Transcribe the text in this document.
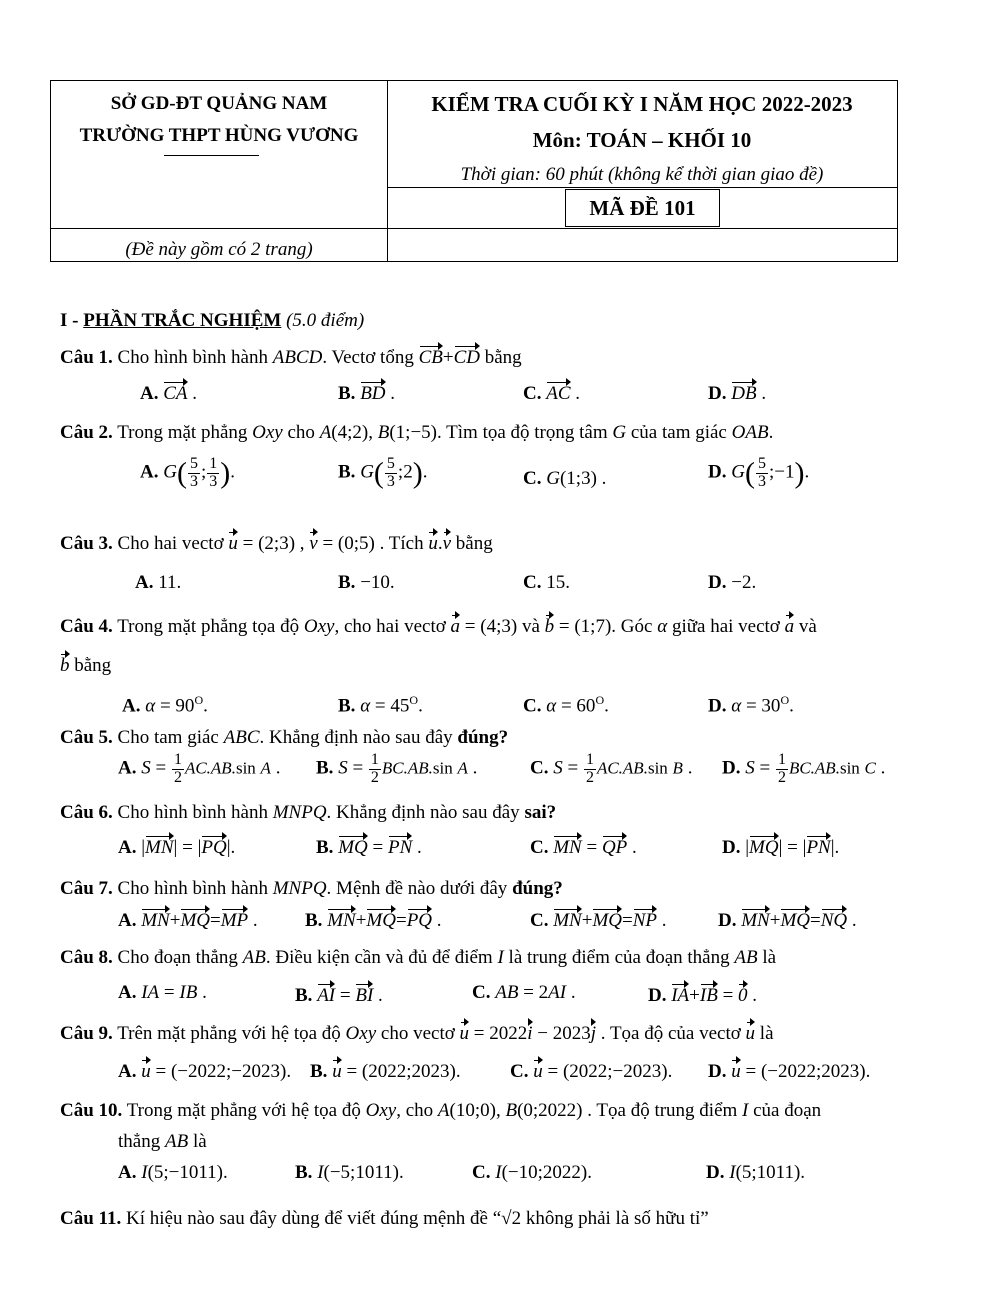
SỞ GD-ĐT QUẢNG NAM
TRƯỜNG THPT HÙNG VƯƠNG
KIỂM TRA CUỐI KỲ I NĂM HỌC 2022-2023
Môn: TOÁN – KHỐI 10
Thời gian: 60 phút (không kể thời gian giao đề)
MÃ ĐỀ 101
(Đề này gồm có 2 trang)
I - PHẦN TRẮC NGHIỆM (5.0 điểm)
Câu 1. Cho hình bình hành ABCD. Vectơ tổng CB+CD bằng
A. CA .	B. BD .	C. AC .	D. DB .
Câu 2. Trong mặt phẳng Oxy cho A(4;2), B(1;−5). Tìm tọa độ trọng tâm G của tam giác OAB.
A. $G( \frac{5}{3}$ ; $\frac{1}{3}$ ).	B. $G( \frac{5}{3}$ ;2).	C. G(1;3) .	D. $G( \frac{5}{3}$ ;−1).
Câu 3. Cho hai vectơ u = (2;3) , v = (0;5) . Tích u.v bằng
A. 11.	B. −10.	C. 15.	D. −2.
Câu 4. Trong mặt phẳng tọa độ Oxy, cho hai vectơ a = (4;3) và b = (1;7). Góc α giữa hai vectơ a và
b bằng
A. $\alpha = 90^O$.	B. $\alpha = 45^O$.	C. $\alpha = 60^O$.	D. $\alpha = 30^O$.
Câu 5. Cho tam giác ABC. Khẳng định nào sau đây đúng?
A. $S = \frac{1}{2} AC.AB.\sin$ A . B. $S = \frac{1}{2} BC.AB.\sin$ A .	C. $S = \frac{1}{2} AC.AB.\sin$ B . D. $S = \frac{1}{2} BC.AB.\sin$ C .
Câu 6. Cho hình bình hành MNPQ. Khẳng định nào sau đây sai?
A. |MN| = |PQ|.	B. MQ = PN .	C. MN = QP .	D. |MQ| = |PN|.
Câu 7. Cho hình bình hành MNPQ. Mệnh đề nào dưới đây đúng?
A. MN+MQ=MP . B. MN+MQ=PQ .	C. MN+MQ=NP .	D. MN+MQ=NQ .
Câu 8. Cho đoạn thẳng AB. Điều kiện cần và đủ để điểm I là trung điểm của đoạn thẳng AB là
A. IA = IB .	B. AI = BI .	C. AB = 2AI .	D. IA+IB = 0 .
Câu 9. Trên mặt phẳng với hệ tọa độ Oxy cho vectơ u = 2022i − 2023j . Tọa độ của vectơ u là
A. u = (−2022;−2023). B. u = (2022;2023).	C. u = (2022;−2023). D. u = (−2022;2023).
Câu 10. Trong mặt phẳng với hệ tọa độ Oxy, cho A(10;0), B(0;2022) . Tọa độ trung điểm I của đoạn
thẳng AB là
A. I(5;−1011).	B. I(−5;1011).	C. I(−10;2022).	D. I(5;1011).
Câu 11. Kí hiệu nào sau đây dùng để viết đúng mệnh đề “√2 không phải là số hữu tỉ”
